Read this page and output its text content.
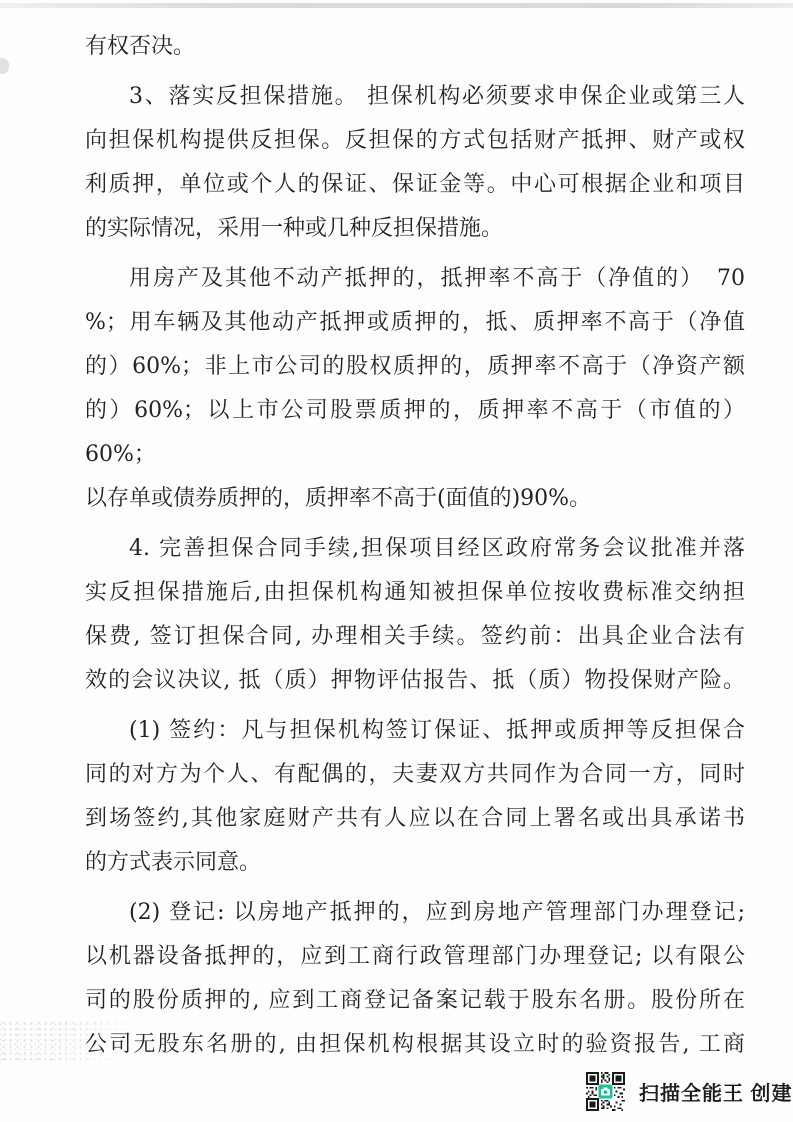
有权否决。

3、落实反担保措施。 担保机构必须要求申保企业或第三人
向担保机构提供反担保。反担保的方式包括财产抵押、财产或权
利质押，单位或个人的保证、保证金等。中心可根据企业和项目
的实际情况，采用一种或几种反担保措施。

用房产及其他不动产抵押的，抵押率不高于（净值的）　70
%；用车辆及其他动产抵押或质押的，抵、质押率不高于（净值
的）60%；非上市公司的股权质押的，质押率不高于（净资产额
的）60%；以上市公司股票质押的，质押率不高于（市值的）60%；
以存单或债券质押的，质押率不高于(面值的)90%。

4. 完善担保合同手续,担保项目经区政府常务会议批准并落
实反担保措施后,由担保机构通知被担保单位按收费标准交纳担
保费, 签订担保合同, 办理相关手续。签约前：出具企业合法有
效的会议决议, 抵（质）押物评估报告、抵（质）物投保财产险。

(1) 签约：凡与担保机构签订保证、抵押或质押等反担保合
同的对方为个人、有配偶的，夫妻双方共同作为合同一方，同时
到场签约,其他家庭财产共有人应以在合同上署名或出具承诺书
的方式表示同意。

(2) 登记: 以房地产抵押的，应到房地产管理部门办理登记;
以机器设备抵押的，应到工商行政管理部门办理登记; 以有限公
司的股份质押的, 应到工商登记备案记载于股东名册。股份所在
公司无股东名册的, 由担保机构根据其设立时的验资报告, 工商

扫描全能王 创建
